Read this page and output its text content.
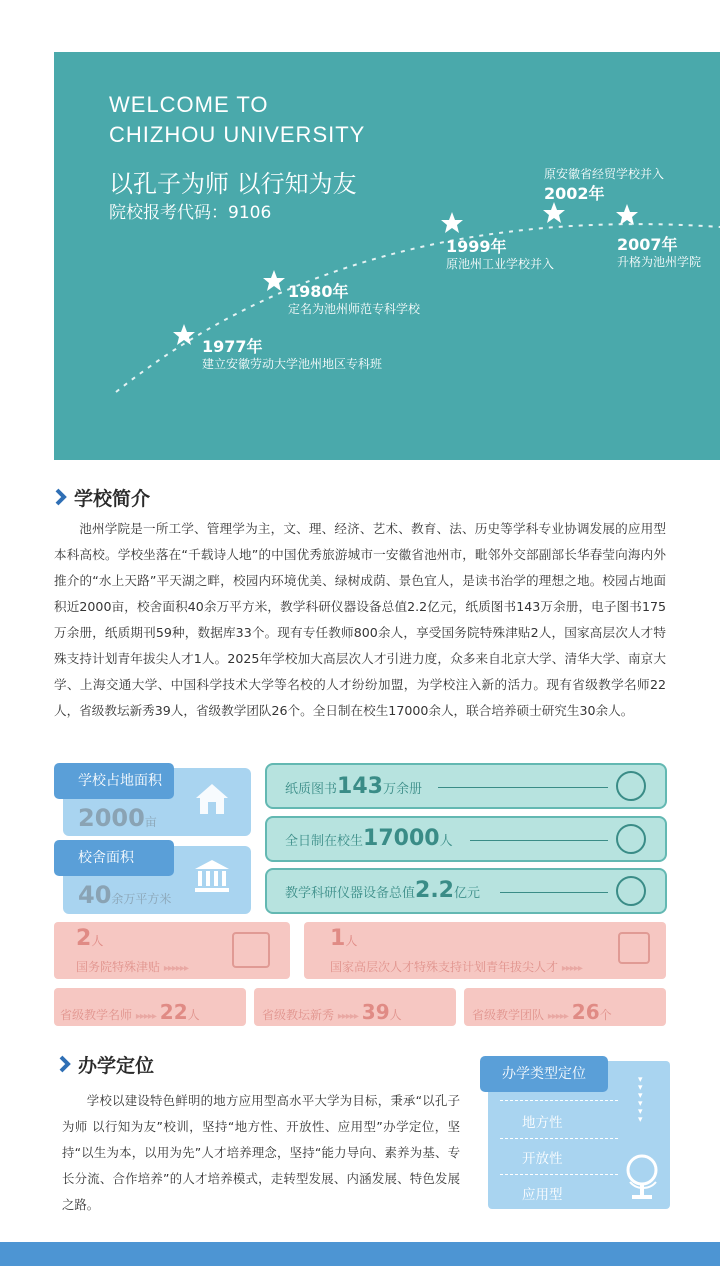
WELCOME TO
CHIZHOU UNIVERSITY
以孔子为师 以行知为友
院校报考代码：9106
1977年
建立安徽劳动大学池州地区专科班
1980年
定名为池州师范专科学校
1999年
原池州工业学校并入
原安徽省经贸学校并入
2002年
2007年
升格为池州学院
学校简介
池州学院是一所工学、管理学为主，文、理、经济、艺术、教育、法、历史等学科专业协调发展的应用型本科高校。学校坐落在“千载诗人地”的中国优秀旅游城市一安徽省池州市，毗邻外交部副部长华春莹向海内外推介的“水上天路”平天湖之畔，校园内环境优美、绿树成荫、景色宜人，是读书治学的理想之地。校园占地面积近2000亩，校舍面积40余万平方米，教学科研仪器设备总值2.2亿元，纸质图书143万余册，电子图书175万余册，纸质期刊59种，数据库33个。现有专任教师800余人，享受国务院特殊津贴2人，国家高层次人才特殊支持计划青年拔尖人才1人。2025年学校加大高层次人才引进力度，众多来自北京大学、清华大学、南京大学、上海交通大学、中国科学技术大学等名校的人才纷纷加盟，为学校注入新的活力。现有省级教学名师22人，省级教坛新秀39人，省级教学团队26个。全日制在校生17000余人，联合培养硕士研究生30余人。
学校占地面积
2000亩
校舍面积
40余万平方米
纸质图书143万余册
全日制在校生17000人
教学科研仪器设备总值2.2亿元
2人
国务院特殊津贴 ▸▸▸▸▸▸
1人
国家高层次人才特殊支持计划青年拔尖人才 ▸▸▸▸▸
省级教学名师 ▸▸▸▸▸ 22人	省级教坛新秀 ▸▸▸▸▸ 39人	省级教学团队 ▸▸▸▸▸ 26个
办学定位
学校以建设特色鲜明的地方应用型高水平大学为目标，秉承“以孔子为师 以行知为友”校训，坚持“地方性、开放性、应用型”办学定位，坚持“以生为本，以用为先”人才培养理念，坚持“能力导向、素养为基、专长分流、合作培养”的人才培养模式，走转型发展、内涵发展、特色发展之路。
办学类型定位	▾
▾
▾
▾
▾
▾
地方性
开放性
应用型
